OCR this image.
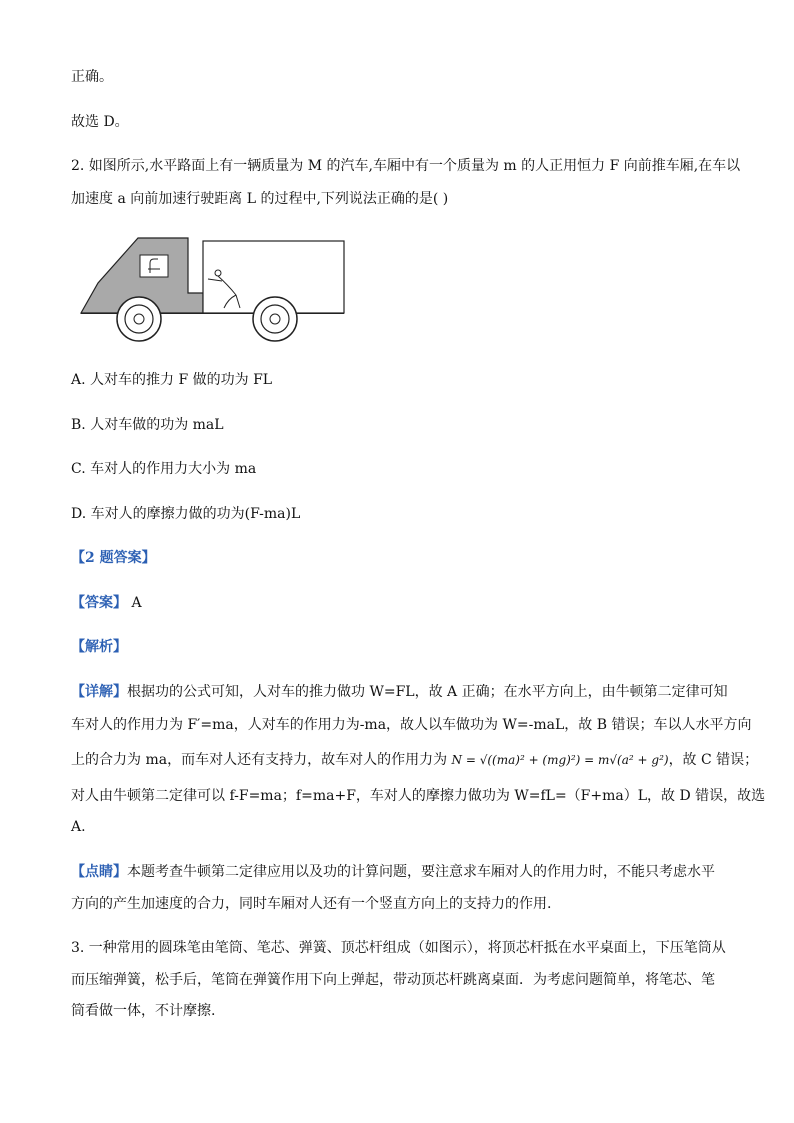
正确。
故选 D。
2. 如图所示,水平路面上有一辆质量为 M 的汽车,车厢中有一个质量为 m 的人正用恒力 F 向前推车厢,在车以
加速度 a 向前加速行驶距离 L 的过程中,下列说法正确的是( )
A. 人对车的推力 F 做的功为 FL
B. 人对车做的功为 maL
C. 车对人的作用力大小为 ma
D. 车对人的摩擦力做的功为(F-ma)L
【2 题答案】
【答案】 A
【解析】
【详解】根据功的公式可知，人对车的推力做功 W=FL，故 A 正确；在水平方向上，由牛顿第二定律可知
车对人的作用力为 F′=ma，人对车的作用力为-ma，故人以车做功为 W=-maL，故 B 错误；车以人水平方向
上的合力为 ma，而车对人还有支持力，故车对人的作用力为 N = √((ma)² + (mg)²) = m√(a² + g²)，故 C 错误；
对人由牛顿第二定律可以 f-F=ma；f=ma+F，车对人的摩擦力做功为 W=fL=（F+ma）L，故 D 错误，故选
A.
【点睛】本题考查牛顿第二定律应用以及功的计算问题，要注意求车厢对人的作用力时，不能只考虑水平
方向的产生加速度的合力，同时车厢对人还有一个竖直方向上的支持力的作用.
3. 一种常用的圆珠笔由笔筒、笔芯、弹簧、顶芯杆组成（如图示），将顶芯杆抵在水平桌面上，下压笔筒从
而压缩弹簧，松手后，笔筒在弹簧作用下向上弹起，带动顶芯杆跳离桌面．为考虑问题简单，将笔芯、笔
筒看做一体，不计摩擦.
